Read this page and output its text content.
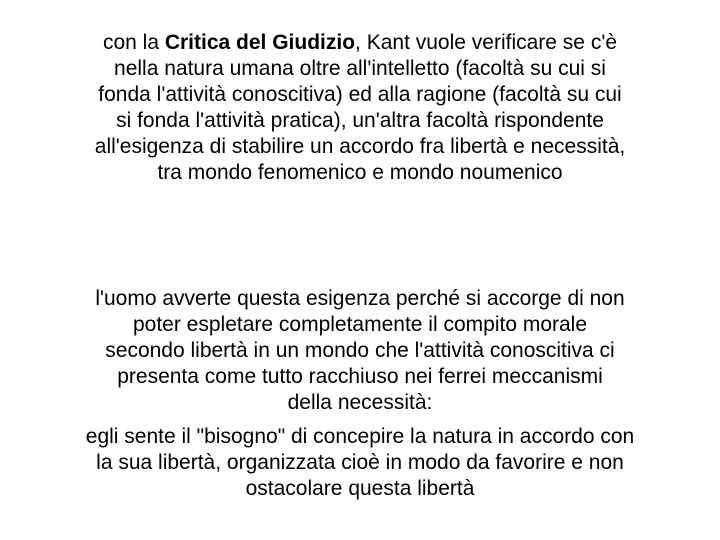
con la Critica del Giudizio, Kant vuole verificare se c'è
nella natura umana oltre all'intelletto (facoltà su cui si
fonda l'attività conoscitiva) ed alla ragione (facoltà su cui
si fonda l'attività pratica), un'altra facoltà rispondente
all'esigenza di stabilire un accordo fra libertà e necessità,
tra mondo fenomenico e mondo noumenico
l'uomo avverte questa esigenza perché si accorge di non
poter espletare completamente il compito morale
secondo libertà in un mondo che l'attività conoscitiva ci
presenta come tutto racchiuso nei ferrei meccanismi
della necessità:
egli sente il "bisogno" di concepire la natura in accordo con
la sua libertà, organizzata cioè in modo da favorire e non
ostacolare questa libertà
